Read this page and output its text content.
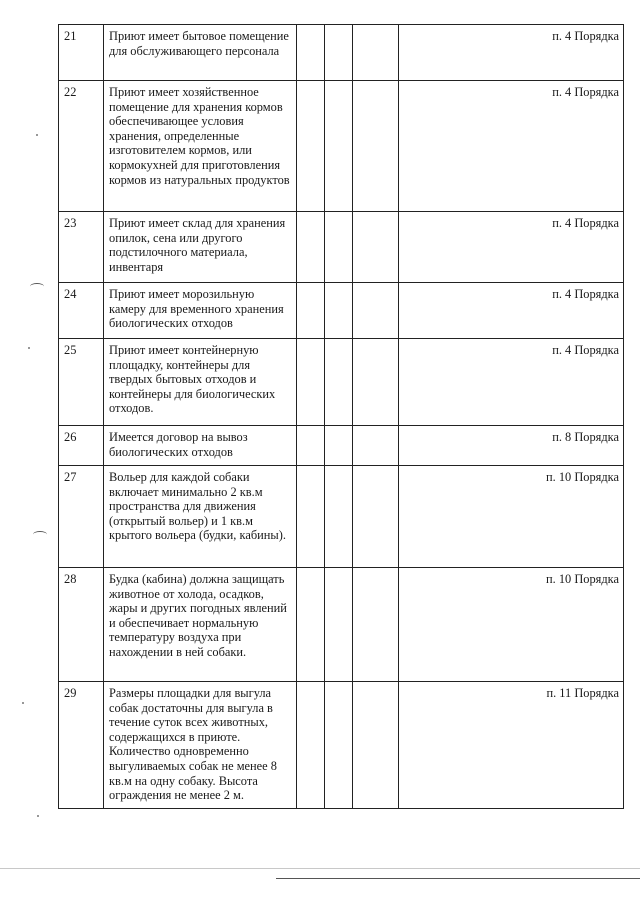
21	Приют имеет бытовое помещение для обслуживающего персонала				п. 4 Порядка
22	Приют имеет хозяйственное помещение для хранения кормов обеспечивающее условия хранения, определенные изготовителем кормов, или кормокухней для приготовления кормов из натуральных продуктов				п. 4 Порядка
23	Приют имеет склад для хранения опилок, сена или другого подстилочного материала, инвентаря				п. 4 Порядка
24	Приют имеет морозильную камеру для временного хранения биологических отходов				п. 4 Порядка
25	Приют имеет контейнерную площадку, контейнеры для твердых бытовых отходов и контейнеры для биологических отходов.				п. 4 Порядка
26	Имеется договор на вывоз биологических отходов				п. 8 Порядка
27	Вольер для каждой собаки включает минимально 2 кв.м пространства для движения (открытый вольер) и 1 кв.м крытого вольера (будки, кабины).				п. 10 Порядка
28	Будка (кабина) должна защищать животное от холода, осадков, жары и других погодных явлений и обеспечивает нормальную температуру воздуха при нахождении в ней собаки.				п. 10 Порядка
29	Размеры площадки для выгула собак достаточны для выгула в течение суток всех животных, содержащихся в приюте. Количество одновременно выгуливаемых собак не менее 8 кв.м на одну собаку. Высота ограждения не менее 2 м.				п. 11 Порядка
